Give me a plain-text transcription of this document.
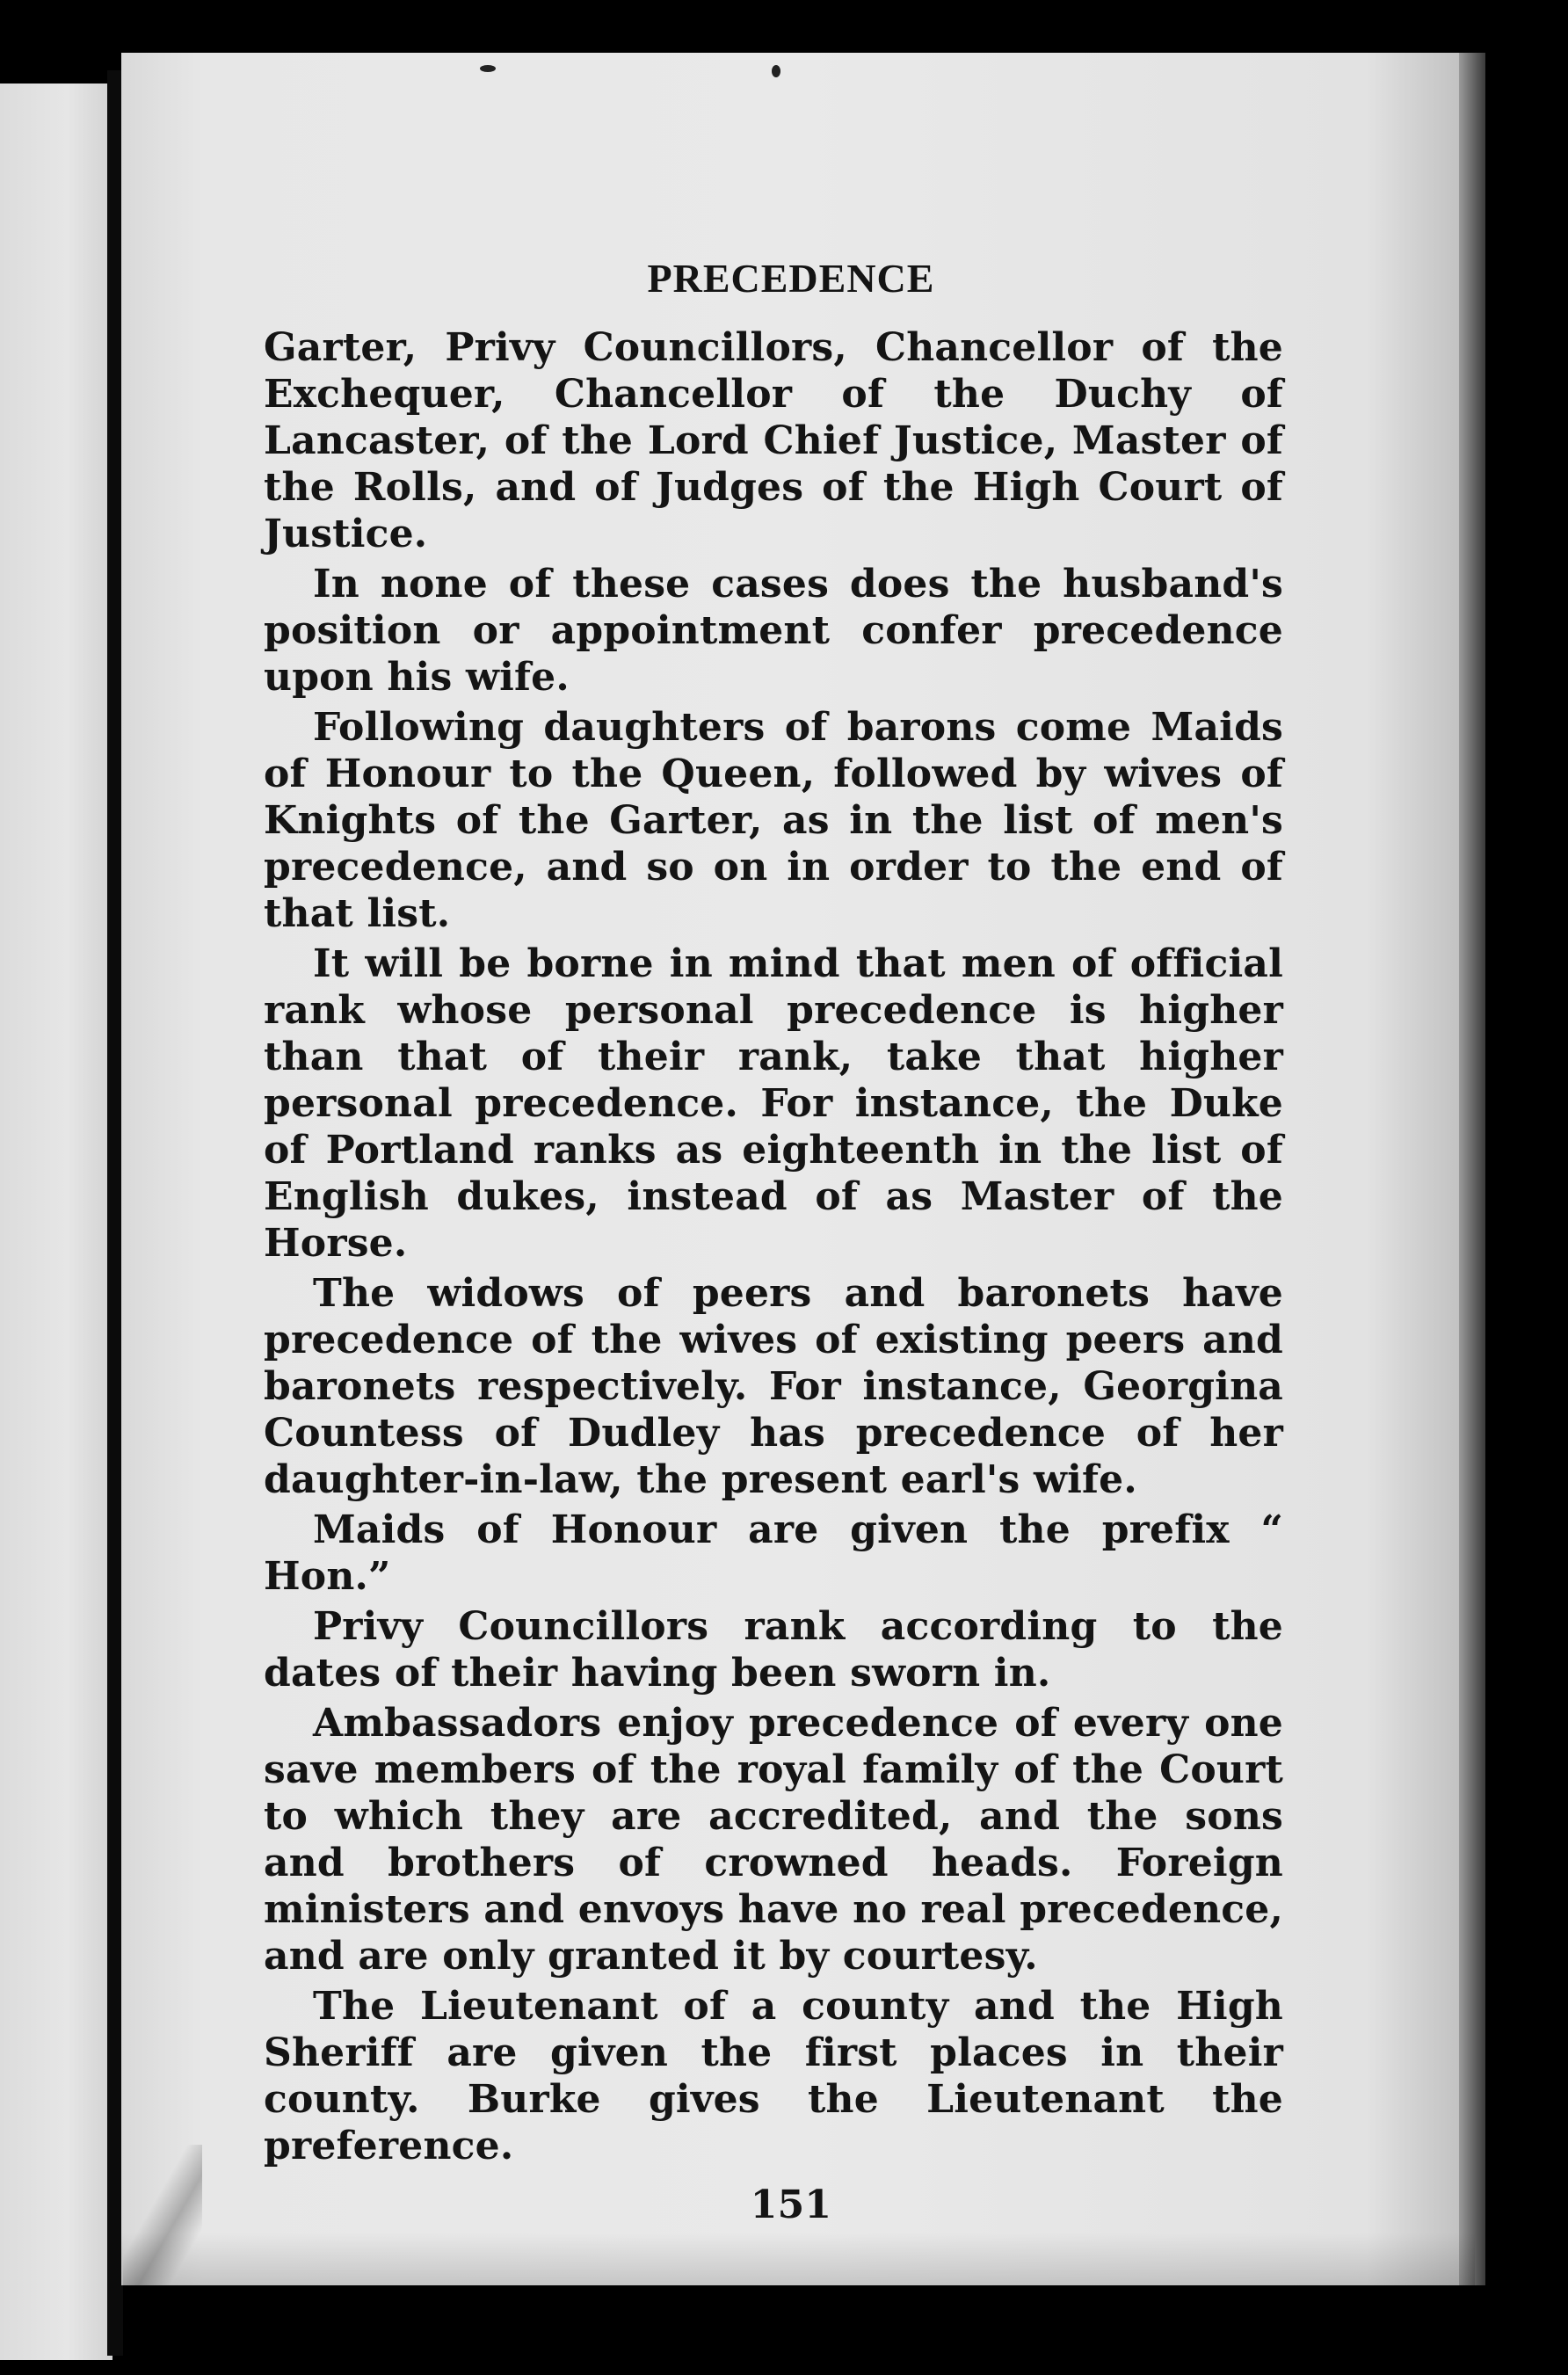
PRECEDENCE

Garter, Privy Councillors, Chancellor of the Exchequer, Chancellor of the Duchy of Lancaster, of the Lord Chief Justice, Master of the Rolls, and of Judges of the High Court of Justice.

In none of these cases does the husband's position or appointment confer precedence upon his wife.

Following daughters of barons come Maids of Honour to the Queen, followed by wives of Knights of the Garter, as in the list of men's precedence, and so on in order to the end of that list.

It will be borne in mind that men of official rank whose personal precedence is higher than that of their rank, take that higher personal precedence. For instance, the Duke of Portland ranks as eighteenth in the list of English dukes, instead of as Master of the Horse.

The widows of peers and baronets have precedence of the wives of existing peers and baronets respectively. For instance, Georgina Countess of Dudley has precedence of her daughter-in-law, the present earl's wife.

Maids of Honour are given the prefix “ Hon.”

Privy Councillors rank according to the dates of their having been sworn in.

Ambassadors enjoy precedence of every one save members of the royal family of the Court to which they are accredited, and the sons and brothers of crowned heads. Foreign ministers and envoys have no real precedence, and are only granted it by courtesy.

The Lieutenant of a county and the High Sheriff are given the first places in their county. Burke gives the Lieutenant the preference.

151
